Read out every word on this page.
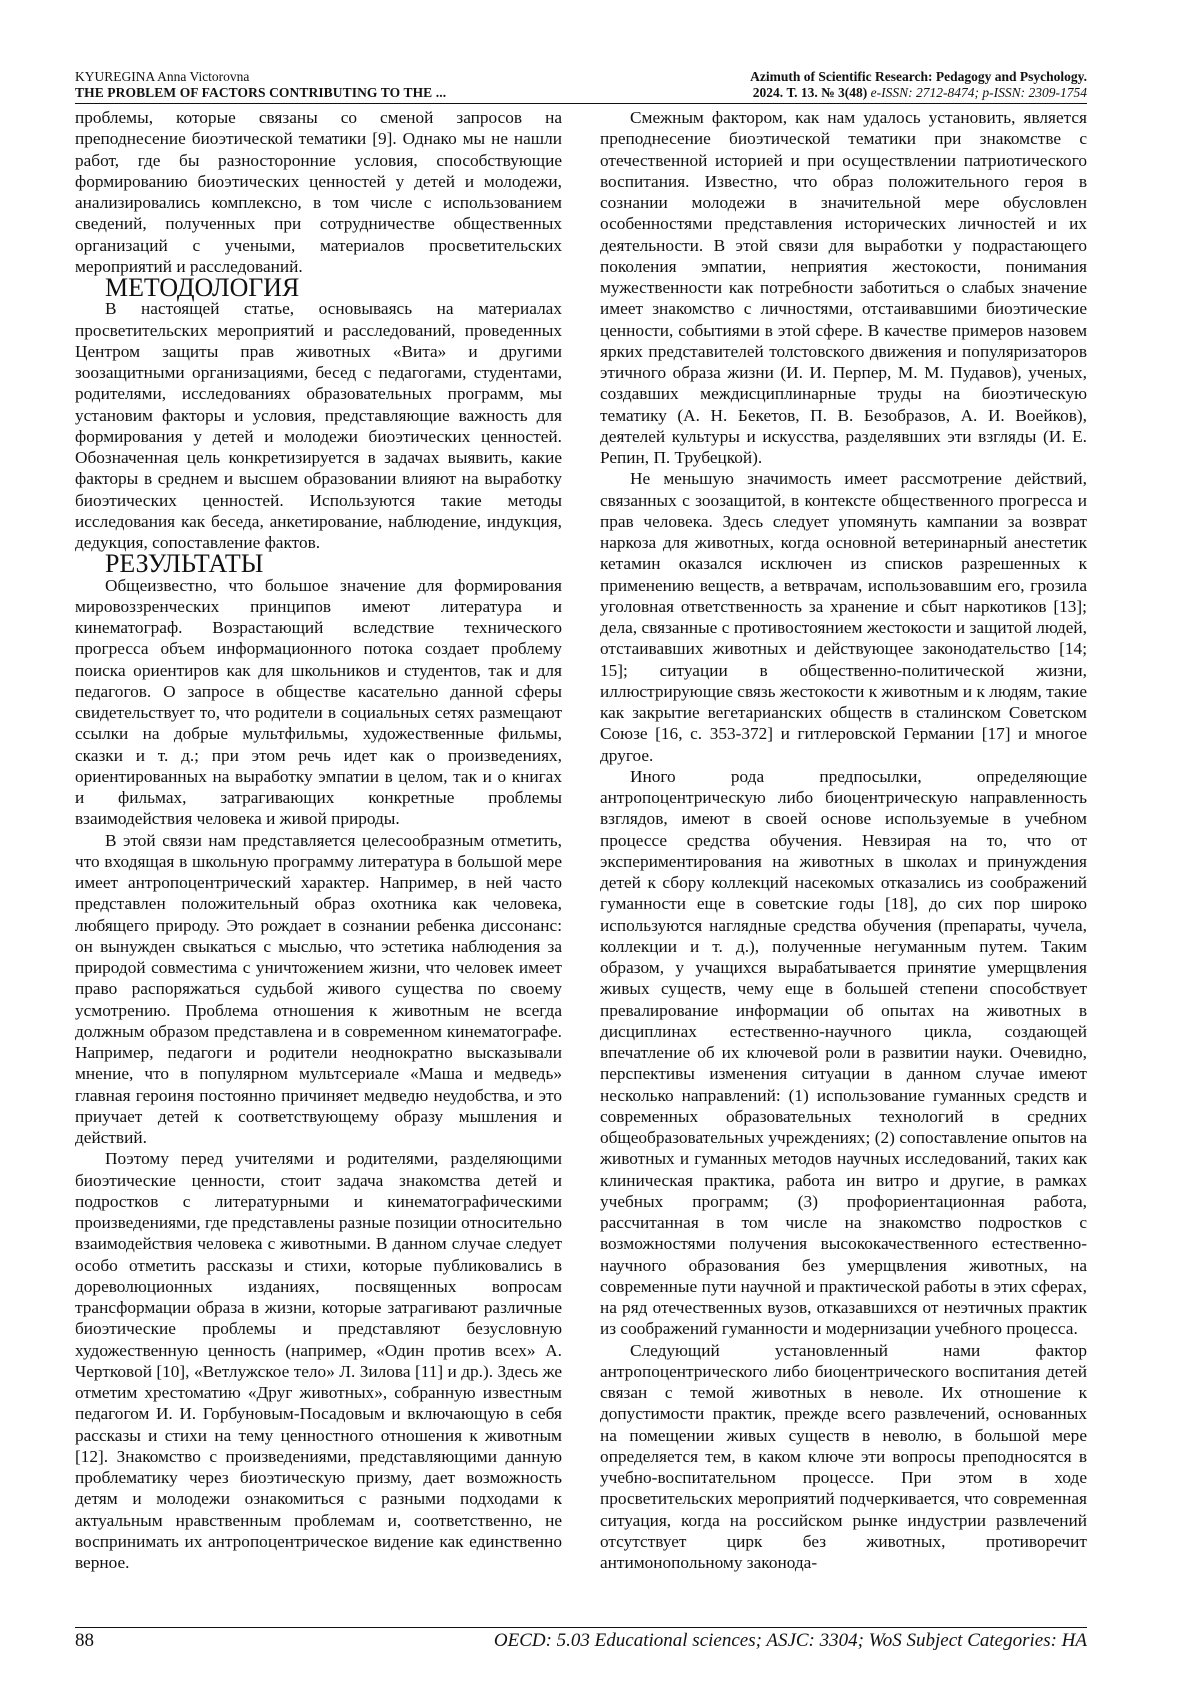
KYUREGINA Anna Victorovna
THE PROBLEM OF FACTORS CONTRIBUTING TO THE ...
Azimuth of Scientific Research: Pedagogy and Psychology.
2024. Т. 13. № 3(48) e-ISSN: 2712-8474; p-ISSN: 2309-1754

проблемы, которые связаны со сменой запросов на преподнесение биоэтической тематики [9]. Однако мы не нашли работ, где бы разносторонние условия, способствующие формированию биоэтических ценностей у детей и молодежи, анализировались комплексно, в том числе с использованием сведений, полученных при сотрудничестве общественных организаций с учеными, материалов просветительских мероприятий и расследований.

МЕТОДОЛОГИЯ

В настоящей статье, основываясь на материалах просветительских мероприятий и расследований, проведенных Центром защиты прав животных «Вита» и другими зоозащитными организациями, бесед с педагогами, студентами, родителями, исследованиях образовательных программ, мы установим факторы и условия, представляющие важность для формирования у детей и молодежи биоэтических ценностей. Обозначенная цель конкретизируется в задачах выявить, какие факторы в среднем и высшем образовании влияют на выработку биоэтических ценностей. Используются такие методы исследования как беседа, анкетирование, наблюдение, индукция, дедукция, сопоставление фактов.

РЕЗУЛЬТАТЫ

Общеизвестно, что большое значение для формирования мировоззренческих принципов имеют литература и кинематограф. Возрастающий вследствие технического прогресса объем информационного потока создает проблему поиска ориентиров как для школьников и студентов, так и для педагогов. О запросе в обществе касательно данной сферы свидетельствует то, что родители в социальных сетях размещают ссылки на добрые мультфильмы, художественные фильмы, сказки и т. д.; при этом речь идет как о произведениях, ориентированных на выработку эмпатии в целом, так и о книгах и фильмах, затрагивающих конкретные проблемы взаимодействия человека и живой природы.

В этой связи нам представляется целесообразным отметить, что входящая в школьную программу литература в большой мере имеет антропоцентрический характер. Например, в ней часто представлен положительный образ охотника как человека, любящего природу. Это рождает в сознании ребенка диссонанс: он вынужден свыкаться с мыслью, что эстетика наблюдения за природой совместима с уничтожением жизни, что человек имеет право распоряжаться судьбой живого существа по своему усмотрению. Проблема отношения к животным не всегда должным образом представлена и в современном кинематографе. Например, педагоги и родители неоднократно высказывали мнение, что в популярном мультсериале «Маша и медведь» главная героиня постоянно причиняет медведю неудобства, и это приучает детей к соответствующему образу мышления и действий.

Поэтому перед учителями и родителями, разделяющими биоэтические ценности, стоит задача знакомства детей и подростков с литературными и кинематографическими произведениями, где представлены разные позиции относительно взаимодействия человека с животными. В данном случае следует особо отметить рассказы и стихи, которые публиковались в дореволюционных изданиях, посвященных вопросам трансформации образа в жизни, которые затрагивают различные биоэтические проблемы и представляют безусловную художественную ценность (например, «Один против всех» А. Чертковой [10], «Ветлужское тело» Л. Зилова [11] и др.). Здесь же отметим хрестоматию «Друг животных», собранную известным педагогом И. И. Горбуновым-Посадовым и включающую в себя рассказы и стихи на тему ценностного отношения к животным [12]. Знакомство с произведениями, представляющими данную проблематику через биоэтическую призму, дает возможность детям и молодежи ознакомиться с разными подходами к актуальным нравственным проблемам и, соответственно, не воспринимать их антропоцентрическое видение как единственно верное.

Смежным фактором, как нам удалось установить, является преподнесение биоэтической тематики при знакомстве с отечественной историей и при осуществлении патриотического воспитания. Известно, что образ положительного героя в сознании молодежи в значительной мере обусловлен особенностями представления исторических личностей и их деятельности. В этой связи для выработки у подрастающего поколения эмпатии, неприятия жестокости, понимания мужественности как потребности заботиться о слабых значение имеет знакомство с личностями, отстаивавшими биоэтические ценности, событиями в этой сфере. В качестве примеров назовем ярких представителей толстовского движения и популяризаторов этичного образа жизни (И. И. Перпер, М. М. Пудавов), ученых, создавших междисциплинарные труды на биоэтическую тематику (А. Н. Бекетов, П. В. Безобразов, А. И. Воейков), деятелей культуры и искусства, разделявших эти взгляды (И. Е. Репин, П. Трубецкой).

Не меньшую значимость имеет рассмотрение действий, связанных с зоозащитой, в контексте общественного прогресса и прав человека. Здесь следует упомянуть кампании за возврат наркоза для животных, когда основной ветеринарный анестетик кетамин оказался исключен из списков разрешенных к применению веществ, а ветврачам, использовавшим его, грозила уголовная ответственность за хранение и сбыт наркотиков [13]; дела, связанные с противостоянием жестокости и защитой людей, отстаивавших животных и действующее законодательство [14; 15]; ситуации в общественно-политической жизни, иллюстрирующие связь жестокости к животным и к людям, такие как закрытие вегетарианских обществ в сталинском Советском Союзе [16, с. 353-372] и гитлеровской Германии [17] и многое другое.

Иного рода предпосылки, определяющие антропоцентрическую либо биоцентрическую направленность взглядов, имеют в своей основе используемые в учебном процессе средства обучения. Невзирая на то, что от экспериментирования на животных в школах и принуждения детей к сбору коллекций насекомых отказались из соображений гуманности еще в советские годы [18], до сих пор широко используются наглядные средства обучения (препараты, чучела, коллекции и т. д.), полученные негуманным путем. Таким образом, у учащихся вырабатывается принятие умерщвления живых существ, чему еще в большей степени способствует превалирование информации об опытах на животных в дисциплинах естественно-научного цикла, создающей впечатление об их ключевой роли в развитии науки. Очевидно, перспективы изменения ситуации в данном случае имеют несколько направлений: (1) использование гуманных средств и современных образовательных технологий в средних общеобразовательных учреждениях; (2) сопоставление опытов на животных и гуманных методов научных исследований, таких как клиническая практика, работа ин витро и другие, в рамках учебных программ; (3) профориентационная работа, рассчитанная в том числе на знакомство подростков с возможностями получения высококачественного естественно-научного образования без умерщвления животных, на современные пути научной и практической работы в этих сферах, на ряд отечественных вузов, отказавшихся от неэтичных практик из соображений гуманности и модернизации учебного процесса.

Следующий установленный нами фактор антропоцентрического либо биоцентрического воспитания детей связан с темой животных в неволе. Их отношение к допустимости практик, прежде всего развлечений, основанных на помещении живых существ в неволю, в большой мере определяется тем, в каком ключе эти вопросы преподносятся в учебно-воспитательном процессе. При этом в ходе просветительских мероприятий подчеркивается, что современная ситуация, когда на российском рынке индустрии развлечений отсутствует цирк без животных, противоречит антимонопольному законода-

88	OECD: 5.03 Educational sciences; ASJC: 3304; WoS Subject Categories: HA
